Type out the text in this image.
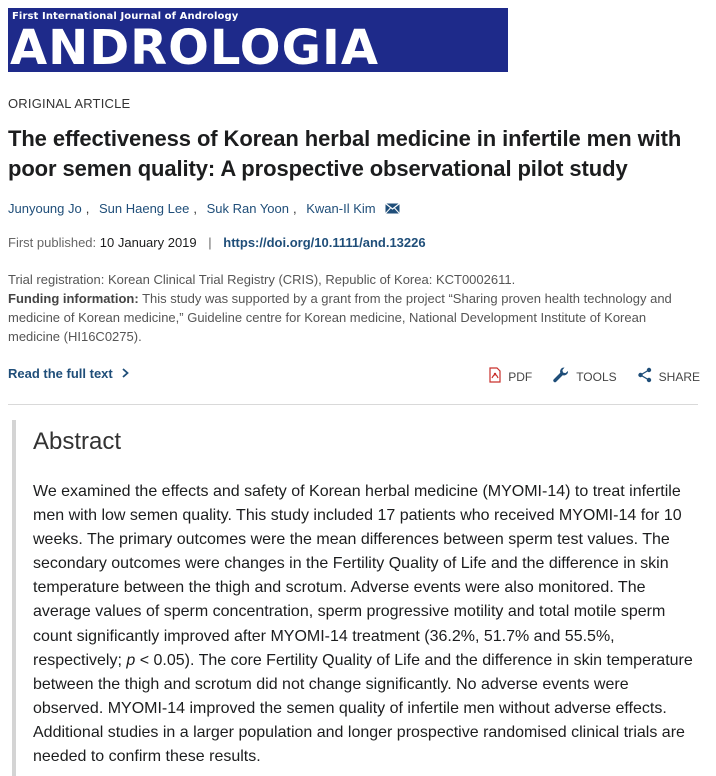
First International Journal of Andrology
ANDROLOGIA
ORIGINAL ARTICLE
The effectiveness of Korean herbal medicine in infertile men with poor semen quality: A prospective observational pilot study
Junyoung Jo , Sun Haeng Lee , Suk Ran Yoon , Kwan-Il Kim
First published: 10 January 2019 | https://doi.org/10.1111/and.13226
Trial registration: Korean Clinical Trial Registry (CRIS), Republic of Korea: KCT0002611.
Funding information: This study was supported by a grant from the project “Sharing proven health technology and medicine of Korean medicine,” Guideline centre for Korean medicine, National Development Institute of Korean medicine (HI16C0275).
Read the full text	PDF	TOOLS	SHARE
Abstract

We examined the effects and safety of Korean herbal medicine (MYOMI-14) to treat infertile men with low semen quality. This study included 17 patients who received MYOMI-14 for 10 weeks. The primary outcomes were the mean differences between sperm test values. The secondary outcomes were changes in the Fertility Quality of Life and the difference in skin temperature between the thigh and scrotum. Adverse events were also monitored. The average values of sperm concentration, sperm progressive motility and total motile sperm count significantly improved after MYOMI-14 treatment (36.2%, 51.7% and 55.5%, respectively; p < 0.05). The core Fertility Quality of Life and the difference in skin temperature between the thigh and scrotum did not change significantly. No adverse events were observed. MYOMI-14 improved the semen quality of infertile men without adverse effects. Additional studies in a larger population and longer prospective randomised clinical trials are needed to confirm these results.
